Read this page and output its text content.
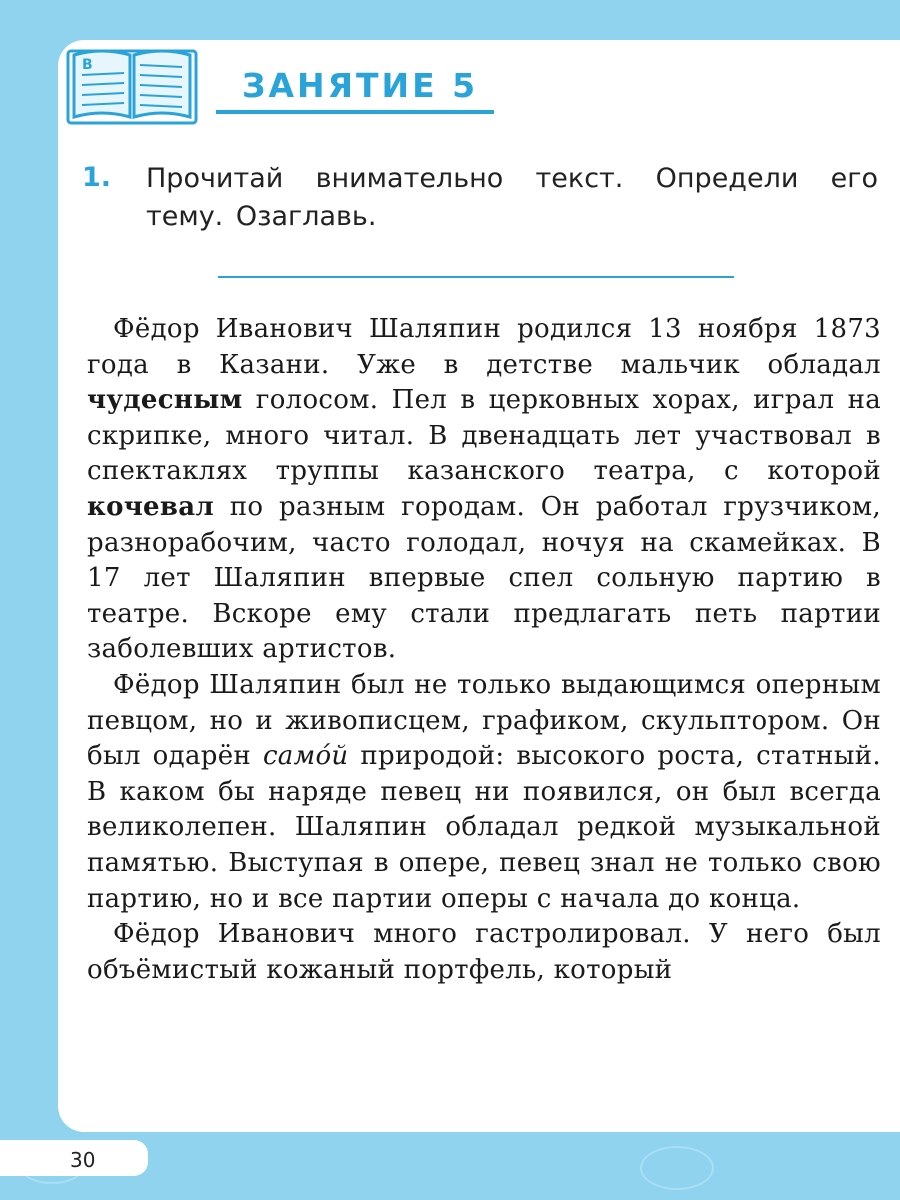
B
ЗАНЯТИЕ 5
1. Прочитай внимательно текст. Определи его тему. Озаглавь.

Фёдор Иванович Шаляпин родился 13 ноября 1873 года в Казани. Уже в детстве мальчик обладал чудесным голосом. Пел в церковных хорах, играл на скрипке, много читал. В двенадцать лет участвовал в спектаклях труппы казанского театра, с которой кочевал по разным городам. Он работал грузчиком, разнорабочим, часто голодал, ночуя на скамейках. В 17 лет Шаляпин впервые спел сольную партию в театре. Вскоре ему стали предлагать петь партии заболевших артистов.

Фёдор Шаляпин был не только выдающимся оперным певцом, но и живописцем, графиком, скульптором. Он был одарён само́й природой: высокого роста, статный. В каком бы наряде певец ни появился, он был всегда великолепен. Шаляпин обладал редкой музыкальной памятью. Выступая в опере, певец знал не только свою партию, но и все партии оперы с начала до конца.

Фёдор Иванович много гастролировал. У него был объёмистый кожаный портфель, который

30
